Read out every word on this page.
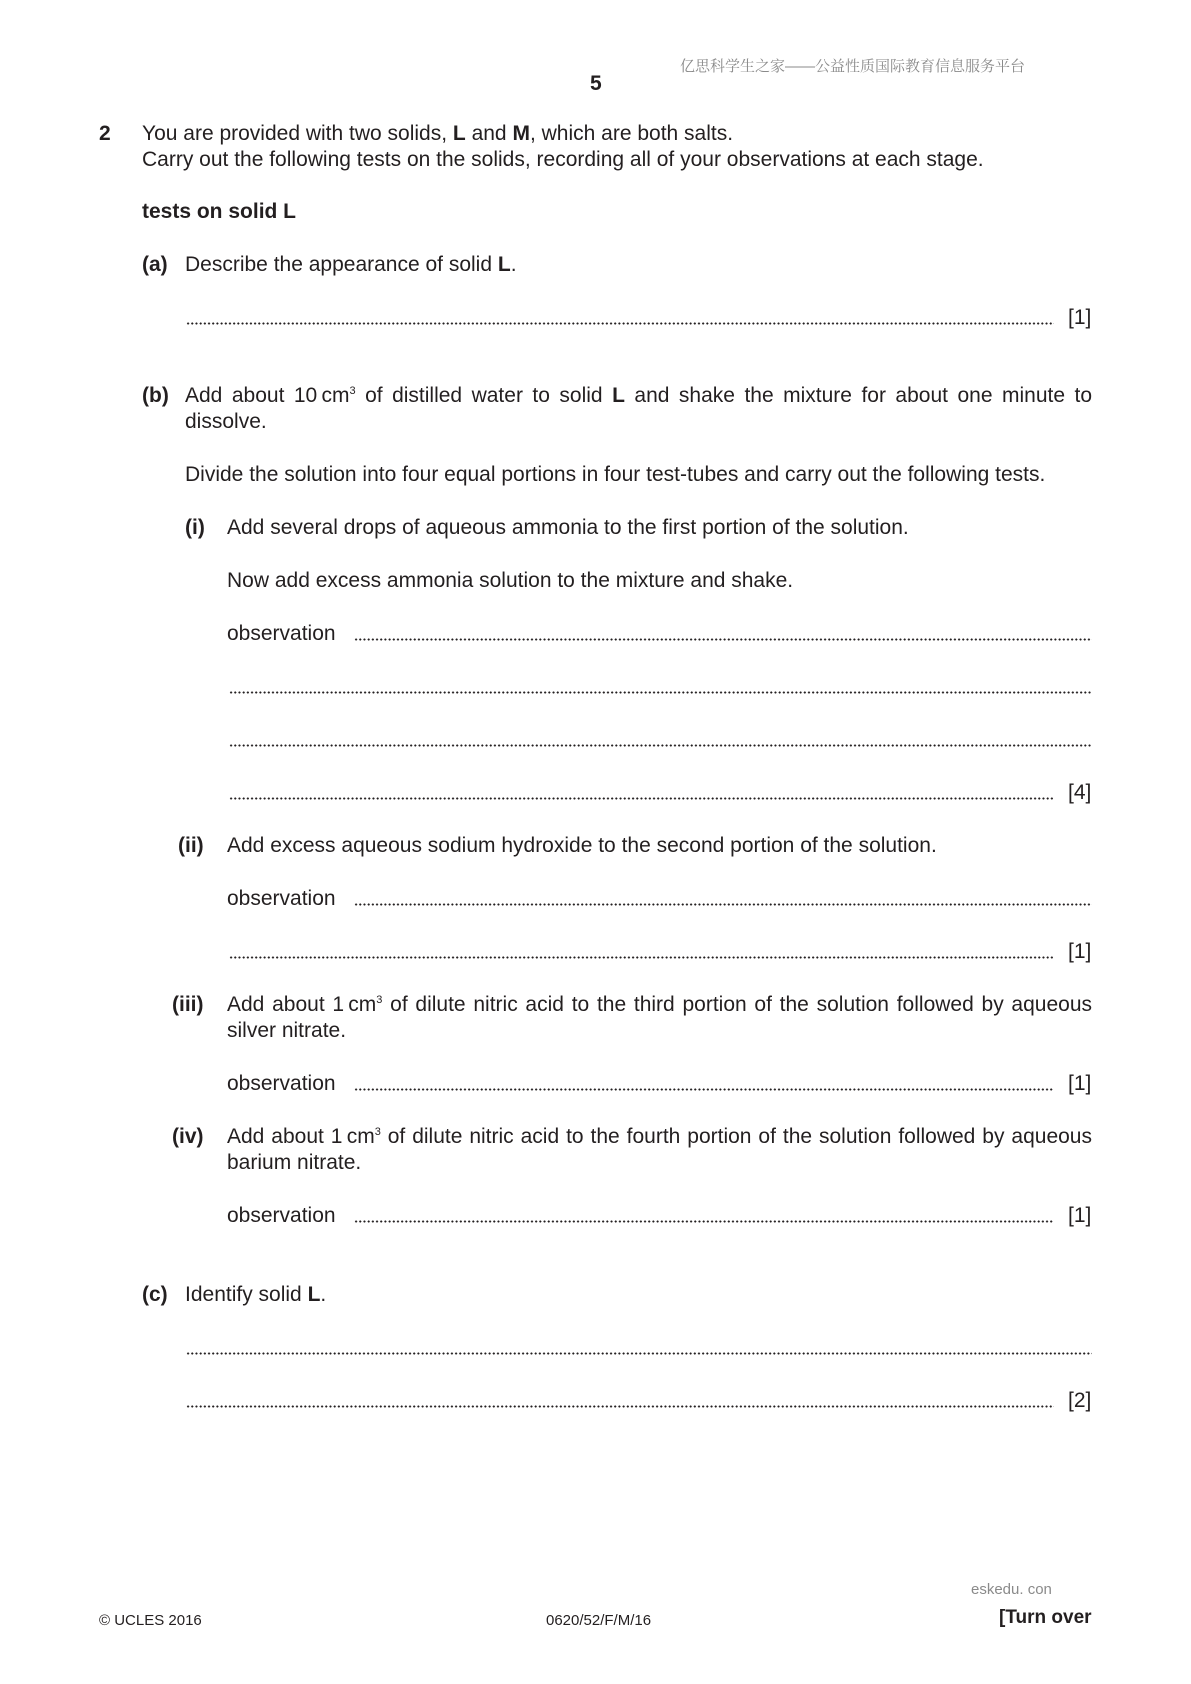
亿思科学生之家——公益性质国际教育信息服务平台
5
2 You are provided with two solids, L and M, which are both salts.
Carry out the following tests on the solids, recording all of your observations at each stage.
tests on solid L
(a) Describe the appearance of solid L.
[1]
(b) Add about 10  $cm^3$ of distilled water to solid L and shake the mixture for about one minute to
dissolve.
Divide the solution into four equal portions in four test-tubes and carry out the following tests.
(i) Add several drops of aqueous ammonia to the first portion of the solution.
Now add excess ammonia solution to the mixture and shake.
observation
[4]
(ii) Add excess aqueous sodium hydroxide to the second portion of the solution.
observation
[1]
(iii) Add about 1  $cm^3$ of dilute nitric acid to the third portion of the solution followed by aqueous
silver nitrate.
observation	[1]
(iv) Add about 1  $cm^3$ of dilute nitric acid to the fourth portion of the solution followed by aqueous
barium nitrate.
observation	[1]
(c) Identify solid L.
[2]
eskedu. con
© UCLES 2016	0620/52/F/M/16	[Turn over
